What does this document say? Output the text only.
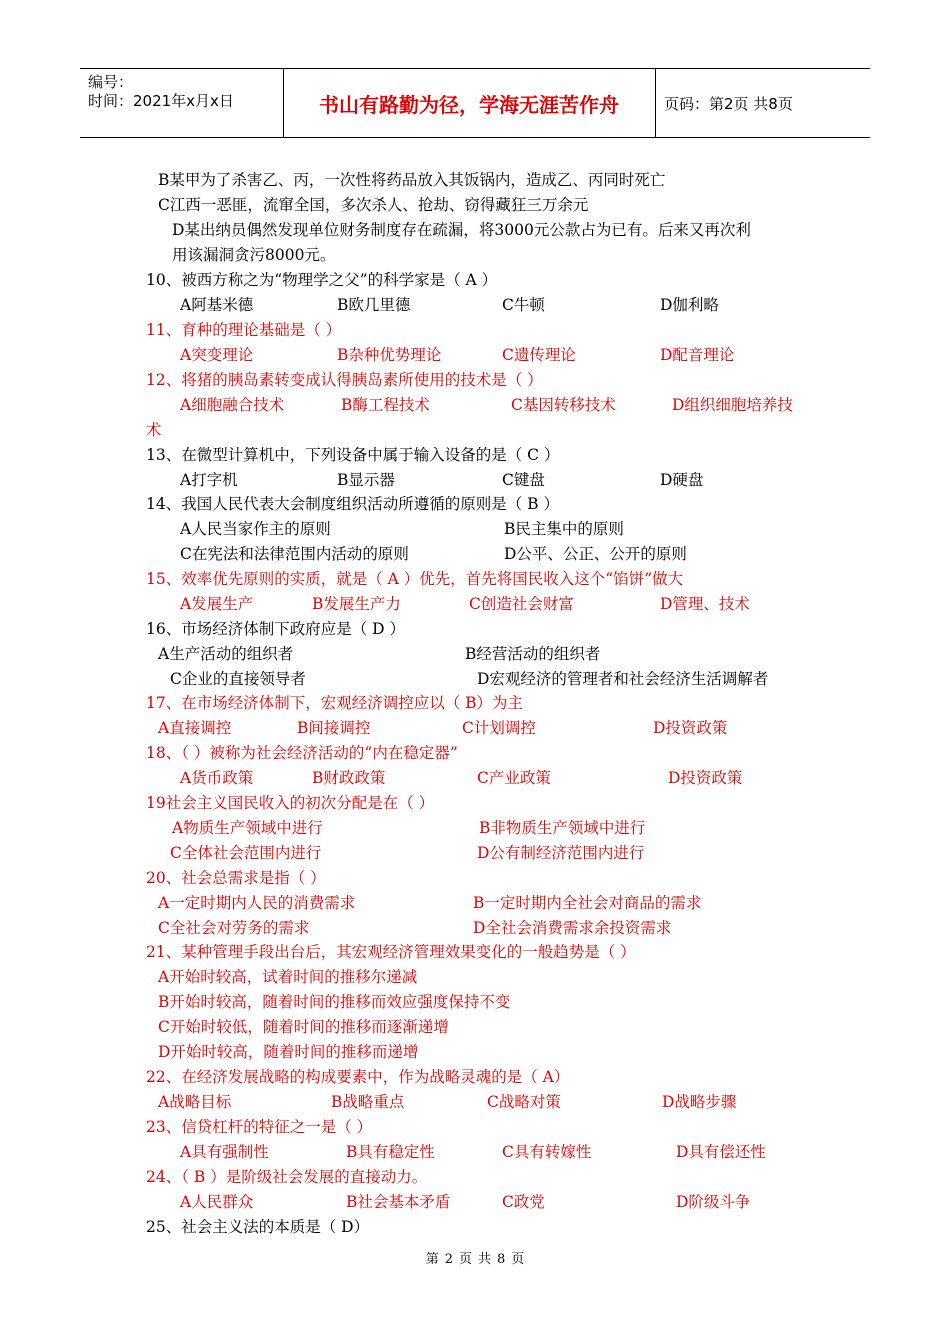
编号：
时间：2021年x月x日	书山有路勤为径，学海无涯苦作舟	页码：第2页 共8页
B某甲为了杀害乙、丙，一次性将药品放入其饭锅内，造成乙、丙同时死亡
C江西一恶匪，流窜全国，多次杀人、抢劫、窃得藏狂三万余元
D某出纳员偶然发现单位财务制度存在疏漏，将3000元公款占为已有。后来又再次利
用该漏洞贪污8000元。
10、被西方称之为“物理学之父”的科学家是（ A ）
A阿基米德	B欧几里德	C牛顿	D伽利略
11、育种的理论基础是（ ）
A突变理论	B杂种优势理论	C遗传理论	D配音理论
12、将猪的胰岛素转变成认得胰岛素所使用的技术是（ ）
A细胞融合技术	B酶工程技术	C基因转移技术	D组织细胞培养技
术
13、在微型计算机中，下列设备中属于输入设备的是（ C ）
A打字机	B显示器	C键盘	D硬盘
14、我国人民代表大会制度组织活动所遵循的原则是（ B ）
A人民当家作主的原则	B民主集中的原则
C在宪法和法律范围内活动的原则	D公平、公正、公开的原则
15、效率优先原则的实质，就是（ A ）优先，首先将国民收入这个“馅饼”做大
A发展生产	B发展生产力	C创造社会财富	D管理、技术
16、市场经济体制下政府应是（ D ）
A生产活动的组织者	B经营活动的组织者
C企业的直接领导者	D宏观经济的管理者和社会经济生活调解者
17、在市场经济体制下，宏观经济调控应以（ B）为主
A直接调控	B间接调控	C计划调控	D投资政策
18、（ ）被称为社会经济活动的“内在稳定器”
A货币政策	B财政政策	C产业政策	D投资政策
19社会主义国民收入的初次分配是在（ ）
A物质生产领域中进行	B非物质生产领域中进行
C全体社会范围内进行	D公有制经济范围内进行
20、社会总需求是指（ ）
A一定时期内人民的消费需求	B一定时期内全社会对商品的需求
C全社会对劳务的需求	D全社会消费需求余投资需求
21、某种管理手段出台后，其宏观经济管理效果变化的一般趋势是（ ）
A开始时较高，试着时间的推移尔递减
B开始时较高，随着时间的推移而效应强度保持不变
C开始时较低，随着时间的推移而逐渐递增
D开始时较高，随着时间的推移而递增
22、在经济发展战略的构成要素中，作为战略灵魂的是（ A）
A战略目标	B战略重点	C战略对策	D战略步骤
23、信贷杠杆的特征之一是（ ）
A具有强制性	B具有稳定性	C具有转嫁性	D具有偿还性
24、（ B ）是阶级社会发展的直接动力。
A人民群众	B社会基本矛盾	C政党	D阶级斗争
25、社会主义法的本质是（ D）
第 2 页 共 8 页
